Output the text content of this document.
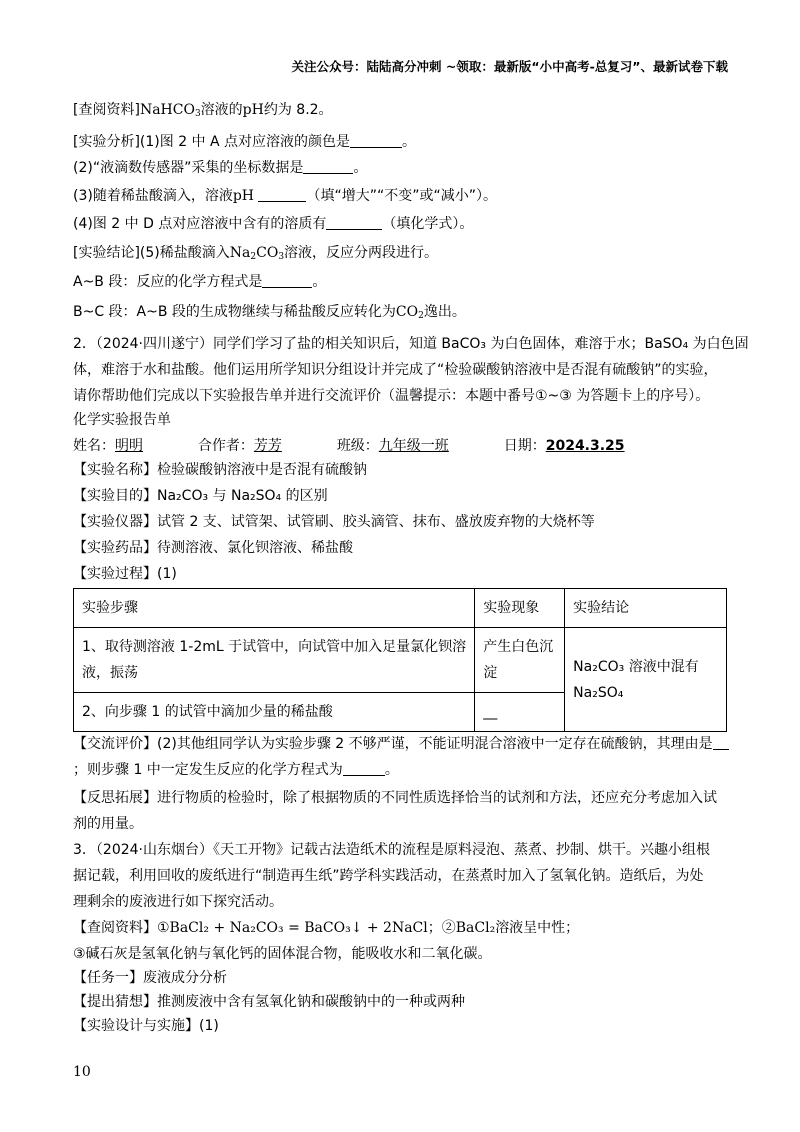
关注公众号：陆陆高分冲刺 ~领取：最新版“小中高考-总复习”、最新试卷下载
[查阅资料]NaHCO$_3$溶液的pH约为 8.2。
[实验分析](1)图 2 中 A 点对应溶液的颜色是	。
(2)“液滴数传感器”采集的坐标数据是	。
(3)随着稀盐酸滴入，溶液pH	（填“增大”“不变”或“减小”）。
(4)图 2 中 D 点对应溶液中含有的溶质有	（填化学式）。
[实验结论](5)稀盐酸滴入$Na_2CO_3$溶液，反应分两段进行。
A~B 段：反应的化学方程式是	。
B~C 段：A~B 段的生成物继续与稀盐酸反应转化为$CO_2$逸出。
2．（2024·四川遂宁）同学们学习了盐的相关知识后，知道 BaCO₃ 为白色固体，难溶于水；BaSO₄ 为白色固
体，难溶于水和盐酸。他们运用所学知识分组设计并完成了“检验碳酸钠溶液中是否混有硫酸钠”的实验，
请你帮助他们完成以下实验报告单并进行交流评价（温馨提示：本题中番号①~③ 为答题卡上的序号）。
化学实验报告单
姓名：明明	合作者：芳芳	班级：九年级一班	日期：2024.3.25
【实验名称】检验碳酸钠溶液中是否混有硫酸钠
【实验目的】Na₂CO₃ 与 Na₂SO₄ 的区别
【实验仪器】试管 2 支、试管架、试管刷、胶头滴管、抹布、盛放废弃物的大烧杯等
【实验药品】待测溶液、氯化钡溶液、稀盐酸
【实验过程】(1)
实验步骤	实验现象	实验结论
1、取待测溶液 1-2mL 于试管中，向试管中加入足量氯化钡溶
液，振荡	产生白色沉
淀	Na₂CO₃ 溶液中混有
Na₂SO₄
2、向步骤 1 的试管中滴加少量的稀盐酸	__	
【交流评价】(2)其他组同学认为实验步骤 2 不够严谨，不能证明混合溶液中一定存在硫酸钠，其理由是
；则步骤 1 中一定发生反应的化学方程式为	。
【反思拓展】进行物质的检验时，除了根据物质的不同性质选择恰当的试剂和方法，还应充分考虑加入试
剂的用量。
3．（2024·山东烟台）《天工开物》记载古法造纸术的流程是原料浸泡、蒸煮、抄制、烘干。兴趣小组根
据记载，利用回收的废纸进行“制造再生纸”跨学科实践活动，在蒸煮时加入了氢氧化钠。造纸后，为处
理剩余的废液进行如下探究活动。
【查阅资料】①BaCl₂ + Na₂CO₃ = BaCO₃↓ + 2NaCl；②BaCl₂溶液呈中性；
③碱石灰是氢氧化钠与氧化钙的固体混合物，能吸收水和二氧化碳。
【任务一】废液成分分析
【提出猜想】推测废液中含有氢氧化钠和碳酸钠中的一种或两种
【实验设计与实施】(1)
10
